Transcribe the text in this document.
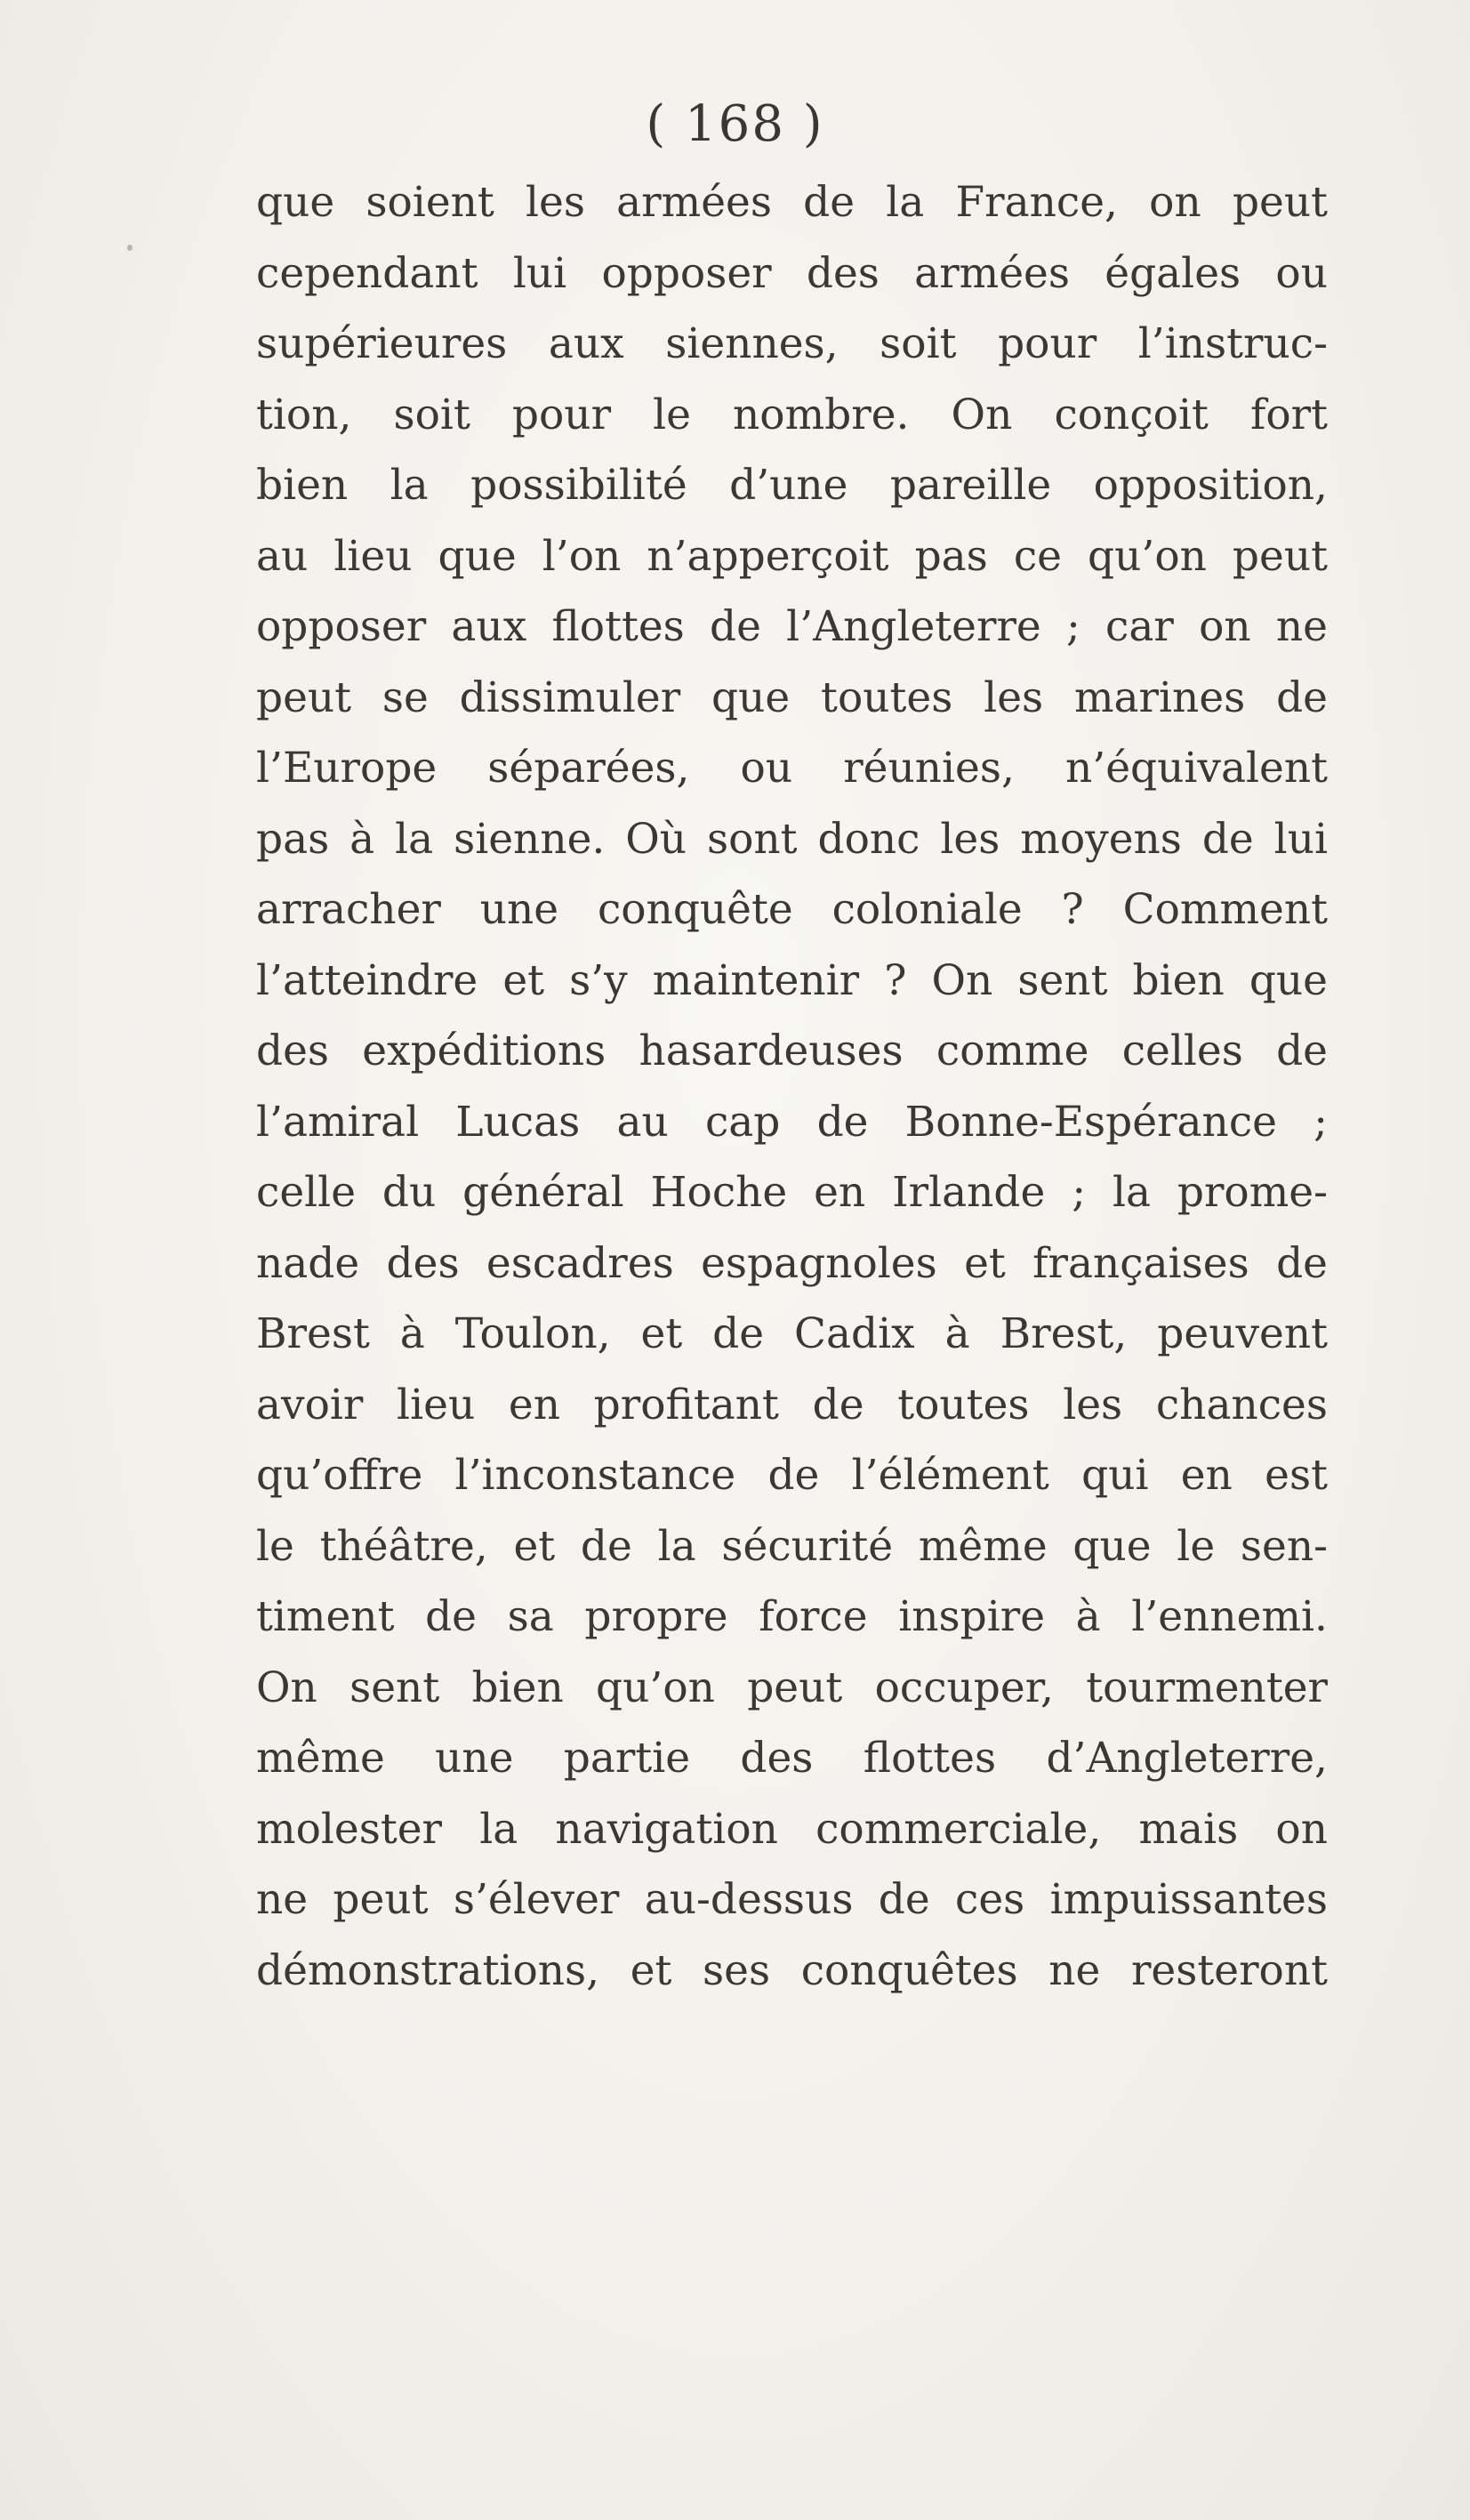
( 168 )
que soient les armées de la France, on peut
cependant lui opposer des armées égales ou
supérieures aux siennes, soit pour l’instruc-
tion, soit pour le nombre. On conçoit fort
bien la possibilité d’une pareille opposition,
au lieu que l’on n’apperçoit pas ce qu’on peut
opposer aux flottes de l’Angleterre ; car on ne
peut se dissimuler que toutes les marines de
l’Europe séparées, ou réunies, n’équivalent
pas à la sienne. Où sont donc les moyens de lui
arracher une conquête coloniale ? Comment
l’atteindre et s’y maintenir ? On sent bien que
des expéditions hasardeuses comme celles de
l’amiral Lucas au cap de Bonne-Espérance ;
celle du général Hoche en Irlande ; la prome-
nade des escadres espagnoles et françaises de
Brest à Toulon, et de Cadix à Brest, peuvent
avoir lieu en profitant de toutes les chances
qu’offre l’inconstance de l’élément qui en est
le théâtre, et de la sécurité même que le sen-
timent de sa propre force inspire à l’ennemi.
On sent bien qu’on peut occuper, tourmenter
même une partie des flottes d’Angleterre,
molester la navigation commerciale, mais on
ne peut s’élever au-dessus de ces impuissantes
démonstrations, et ses conquêtes ne resteront
